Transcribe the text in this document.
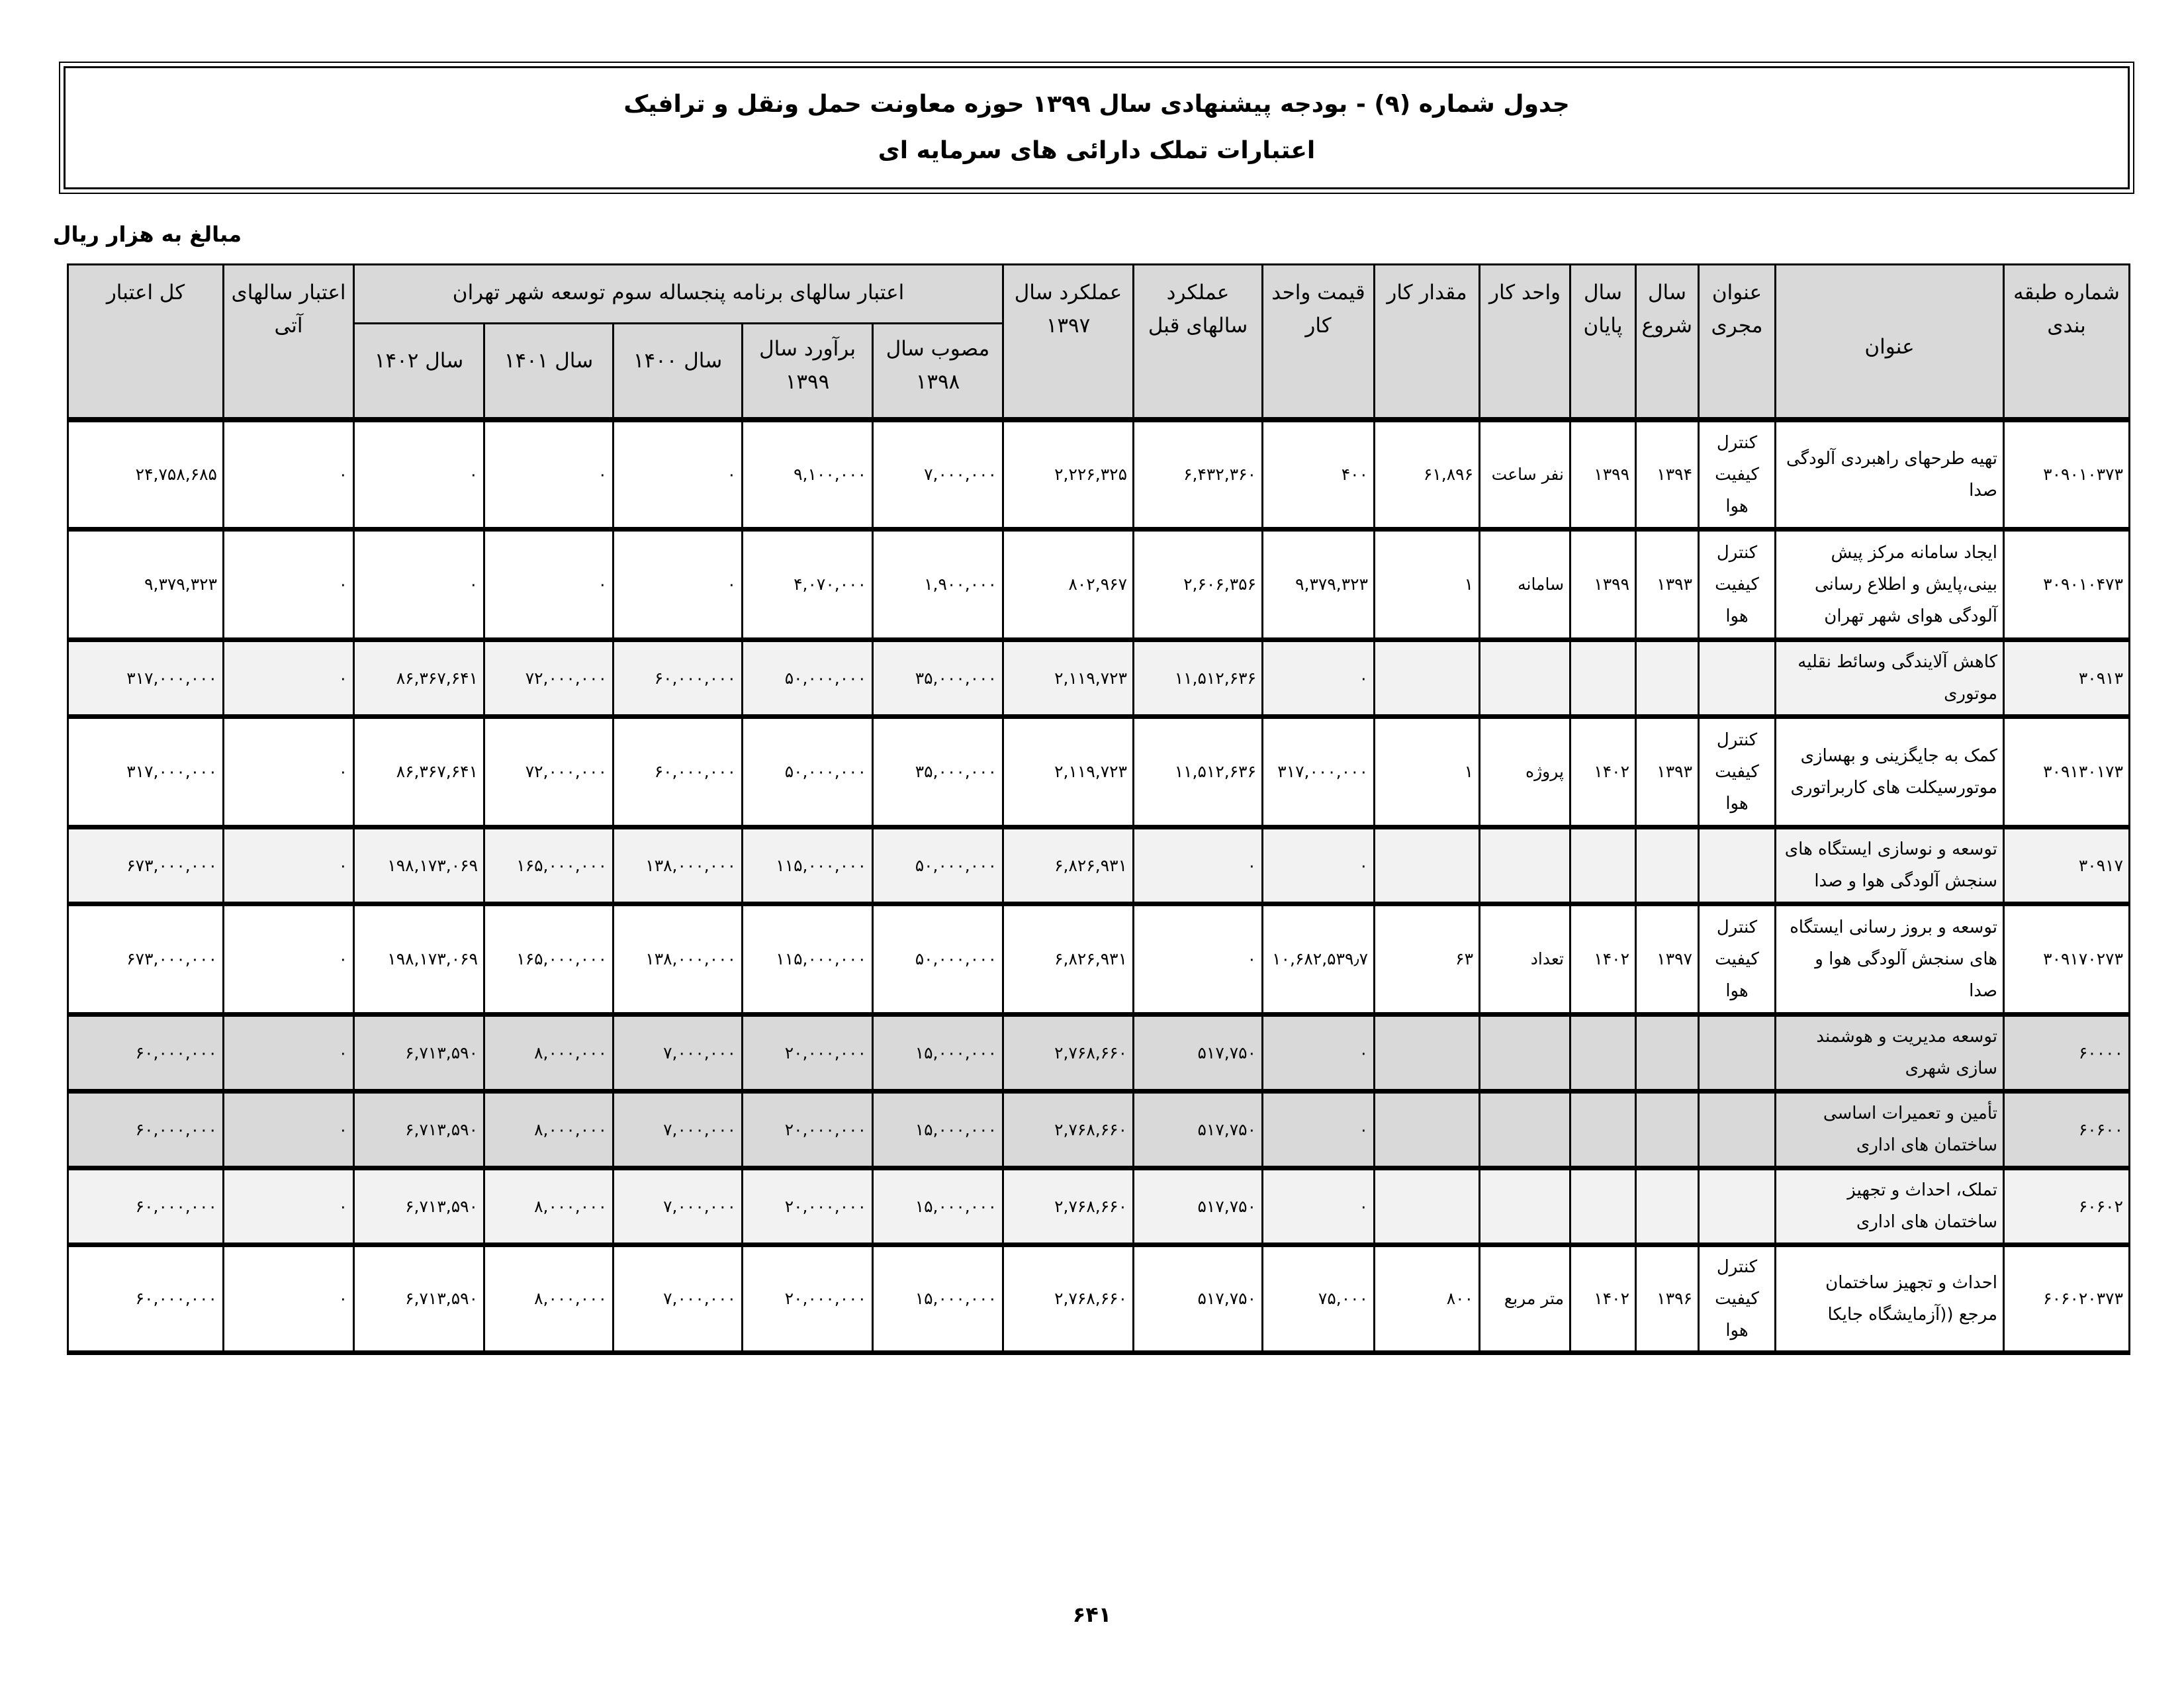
جدول شماره (۹) - بودجه پیشنهادی سال ۱۳۹۹ حوزه معاونت حمل ونقل و ترافیک
اعتبارات تملک دارائی های سرمایه ای
مبالغ به هزار ریال
شماره طبقه بندی	عنوان	عنوان مجری	سال شروع	سال پایان	واحد کار	مقدار کار	قیمت واحد کار	عملکرد سالهای قبل	عملکرد سال ۱۳۹۷	اعتبار سالهای برنامه پنجساله سوم توسعه شهر تهران					اعتبار سالهای آتی	کل اعتبار
										مصوب سال ۱۳۹۸	برآورد سال ۱۳۹۹	سال ۱۴۰۰	سال ۱۴۰۱	سال ۱۴۰۲		
۳۰۹۰۱۰۳۷۳	تهیه طرحهای راهبردی آلودگی صدا	کنترل کیفیت هوا	۱۳۹۴	۱۳۹۹	نفر ساعت	۶۱,۸۹۶	۴۰۰	۶,۴۳۲,۳۶۰	۲,۲۲۶,۳۲۵	۷,۰۰۰,۰۰۰	۹,۱۰۰,۰۰۰	۰	۰	۰	۰	۲۴,۷۵۸,۶۸۵
۳۰۹۰۱۰۴۷۳	ایجاد سامانه مرکز پیش بینی،پایش و اطلاع رسانی آلودگی هوای شهر تهران	کنترل کیفیت هوا	۱۳۹۳	۱۳۹۹	سامانه	۱	۹,۳۷۹,۳۲۳	۲,۶۰۶,۳۵۶	۸۰۲,۹۶۷	۱,۹۰۰,۰۰۰	۴,۰۷۰,۰۰۰	۰	۰	۰	۰	۹,۳۷۹,۳۲۳
۳۰۹۱۳	کاهش آلایندگی وسائط نقلیه موتوری						۰	۱۱,۵۱۲,۶۳۶	۲,۱۱۹,۷۲۳	۳۵,۰۰۰,۰۰۰	۵۰,۰۰۰,۰۰۰	۶۰,۰۰۰,۰۰۰	۷۲,۰۰۰,۰۰۰	۸۶,۳۶۷,۶۴۱	۰	۳۱۷,۰۰۰,۰۰۰
۳۰۹۱۳۰۱۷۳	کمک به جایگزینی و بهسازی موتورسیکلت های کاربراتوری	کنترل کیفیت هوا	۱۳۹۳	۱۴۰۲	پروژه	۱	۳۱۷,۰۰۰,۰۰۰	۱۱,۵۱۲,۶۳۶	۲,۱۱۹,۷۲۳	۳۵,۰۰۰,۰۰۰	۵۰,۰۰۰,۰۰۰	۶۰,۰۰۰,۰۰۰	۷۲,۰۰۰,۰۰۰	۸۶,۳۶۷,۶۴۱	۰	۳۱۷,۰۰۰,۰۰۰
۳۰۹۱۷	توسعه و نوسازی ایستگاه های سنجش آلودگی هوا و صدا						۰	۰	۶,۸۲۶,۹۳۱	۵۰,۰۰۰,۰۰۰	۱۱۵,۰۰۰,۰۰۰	۱۳۸,۰۰۰,۰۰۰	۱۶۵,۰۰۰,۰۰۰	۱۹۸,۱۷۳,۰۶۹	۰	۶۷۳,۰۰۰,۰۰۰
۳۰۹۱۷۰۲۷۳	توسعه و بروز رسانی ایستگاه های سنجش آلودگی هوا و صدا	کنترل کیفیت هوا	۱۳۹۷	۱۴۰۲	تعداد	۶۳	۱۰,۶۸۲,۵۳۹٫۷	۰	۶,۸۲۶,۹۳۱	۵۰,۰۰۰,۰۰۰	۱۱۵,۰۰۰,۰۰۰	۱۳۸,۰۰۰,۰۰۰	۱۶۵,۰۰۰,۰۰۰	۱۹۸,۱۷۳,۰۶۹	۰	۶۷۳,۰۰۰,۰۰۰
۶۰۰۰۰	توسعه مدیریت و هوشمند سازی شهری						۰	۵۱۷,۷۵۰	۲,۷۶۸,۶۶۰	۱۵,۰۰۰,۰۰۰	۲۰,۰۰۰,۰۰۰	۷,۰۰۰,۰۰۰	۸,۰۰۰,۰۰۰	۶,۷۱۳,۵۹۰	۰	۶۰,۰۰۰,۰۰۰
۶۰۶۰۰	تأمین و تعمیرات اساسی ساختمان های اداری						۰	۵۱۷,۷۵۰	۲,۷۶۸,۶۶۰	۱۵,۰۰۰,۰۰۰	۲۰,۰۰۰,۰۰۰	۷,۰۰۰,۰۰۰	۸,۰۰۰,۰۰۰	۶,۷۱۳,۵۹۰	۰	۶۰,۰۰۰,۰۰۰
۶۰۶۰۲	تملک، احداث و تجهیز ساختمان های اداری						۰	۵۱۷,۷۵۰	۲,۷۶۸,۶۶۰	۱۵,۰۰۰,۰۰۰	۲۰,۰۰۰,۰۰۰	۷,۰۰۰,۰۰۰	۸,۰۰۰,۰۰۰	۶,۷۱۳,۵۹۰	۰	۶۰,۰۰۰,۰۰۰
۶۰۶۰۲۰۳۷۳	احداث و تجهیز ساختمان مرجع ((آزمایشگاه جایکا	کنترل کیفیت هوا	۱۳۹۶	۱۴۰۲	متر مربع	۸۰۰	۷۵,۰۰۰	۵۱۷,۷۵۰	۲,۷۶۸,۶۶۰	۱۵,۰۰۰,۰۰۰	۲۰,۰۰۰,۰۰۰	۷,۰۰۰,۰۰۰	۸,۰۰۰,۰۰۰	۶,۷۱۳,۵۹۰	۰	۶۰,۰۰۰,۰۰۰
۶۴۱
